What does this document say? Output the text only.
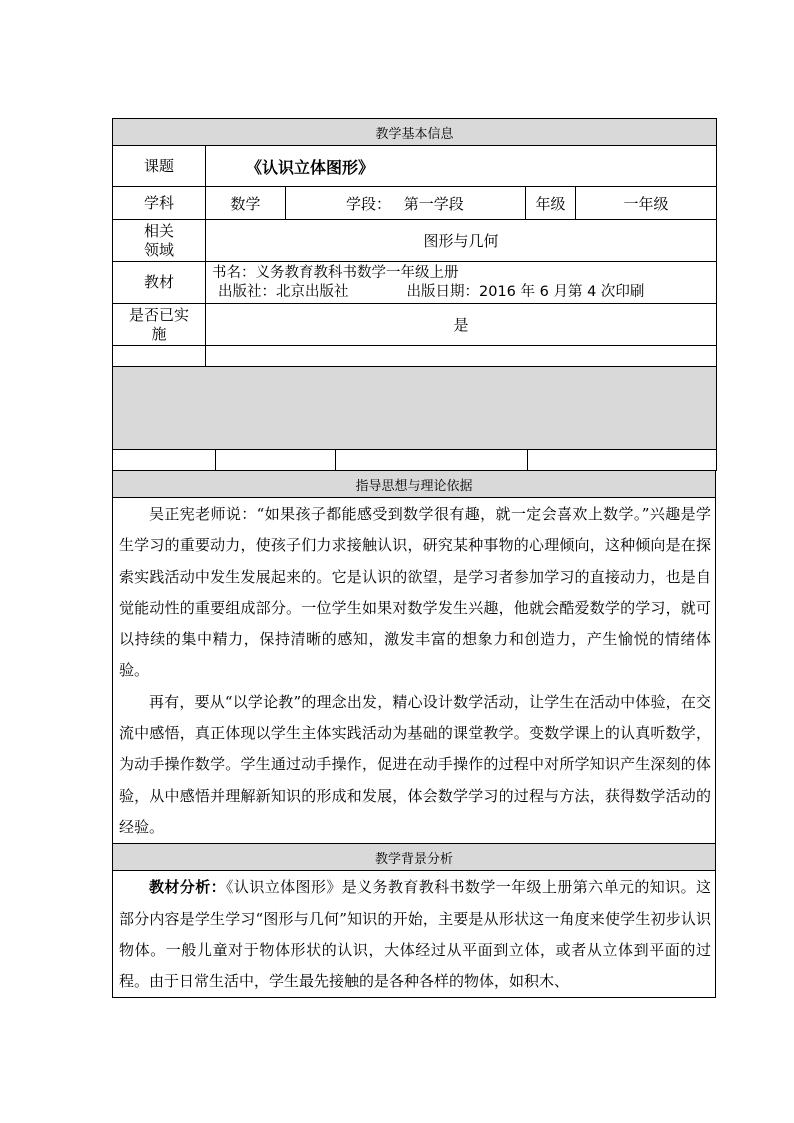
教学基本信息				
课题	《认识立体图形》			
学科	数学	学段： 第一学段	年级	一年级

相关
领域	图形与几何			
教材	书名：义务教育教科书数学一年级上册
出版社：北京出版社 出版日期：2016 年 6 月第 4 次印刷			

是否已实
施	是			

指导思想与理论依据

吴正宪老师说：“如果孩子都能感受到数学很有趣，就一定会喜欢上数学。”兴趣是学生学习的重要动力，使孩子们力求接触认识，研究某种事物的心理倾向，这种倾向是在探索实践活动中发生发展起来的。它是认识的欲望，是学习者参加学习的直接动力，也是自觉能动性的重要组成部分。一位学生如果对数学发生兴趣，他就会酷爱数学的学习，就可以持续的集中精力，保持清晰的感知，激发丰富的想象力和创造力，产生愉悦的情绪体验。

再有，要从“以学论教”的理念出发，精心设计数学活动，让学生在活动中体验，在交流中感悟，真正体现以学生主体实践活动为基础的课堂教学。变数学课上的认真听数学，为动手操作数学。学生通过动手操作，促进在动手操作的过程中对所学知识产生深刻的体验，从中感悟并理解新知识的形成和发展，体会数学学习的过程与方法，获得数学活动的经验。

教学背景分析

教材分析：《认识立体图形》是义务教育教科书数学一年级上册第六单元的知识。这部分内容是学生学习“图形与几何”知识的开始，主要是从形状这一角度来使学生初步认识物体。一般儿童对于物体形状的认识，大体经过从平面到立体，或者从立体到平面的过程。由于日常生活中，学生最先接触的是各种各样的物体，如积木、
